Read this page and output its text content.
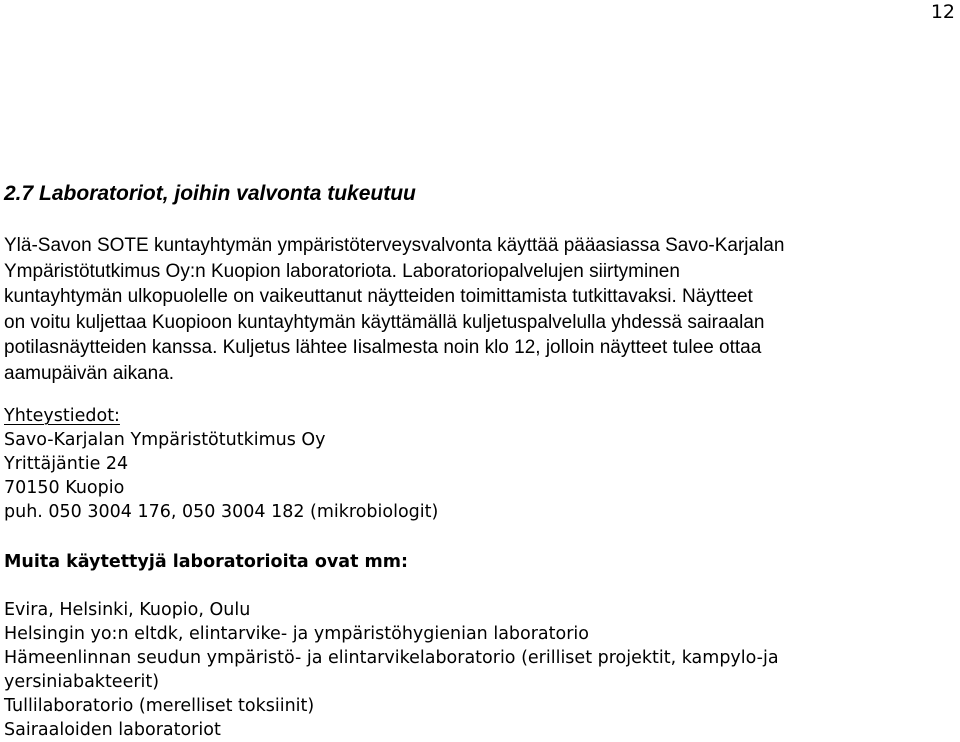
12
2.7 Laboratoriot, joihin valvonta tukeutuu
Ylä-Savon SOTE kuntayhtymän ympäristöterveysvalvonta käyttää pääasiassa Savo-Karjalan
Ympäristötutkimus Oy:n Kuopion laboratoriota. Laboratoriopalvelujen siirtyminen
kuntayhtymän ulkopuolelle on vaikeuttanut näytteiden toimittamista tutkittavaksi. Näytteet
on voitu kuljettaa Kuopioon kuntayhtymän käyttämällä kuljetuspalvelulla yhdessä sairaalan
potilasnäytteiden kanssa. Kuljetus lähtee Iisalmesta noin klo 12, jolloin näytteet tulee ottaa
aamupäivän aikana.
Yhteystiedot:
Savo-Karjalan Ympäristötutkimus Oy
Yrittäjäntie 24
70150 Kuopio
puh. 050 3004 176, 050 3004 182 (mikrobiologit)
Muita käytettyjä laboratorioita ovat mm:
Evira, Helsinki, Kuopio, Oulu
Helsingin yo:n eltdk, elintarvike- ja ympäristöhygienian laboratorio
Hämeenlinnan seudun ympäristö- ja elintarvikelaboratorio (erilliset projektit, kampylo-ja
yersiniabakteerit)
Tullilaboratorio (merelliset toksiinit)
Sairaaloiden laboratoriot
